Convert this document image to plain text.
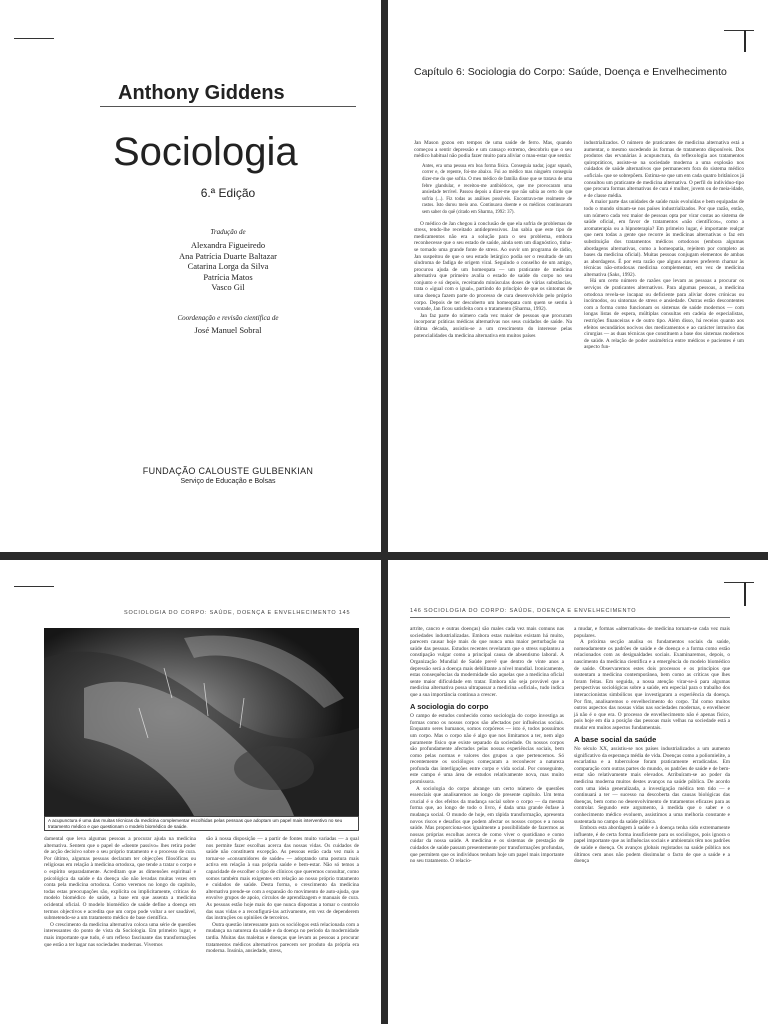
Anthony Giddens
Sociologia
6.ª Edição
Tradução de
Alexandra Figueiredo
Ana Patrícia Duarte Baltazar
Catarina Lorga da Silva
Patrícia Matos
Vasco Gil
Coordenação e revisão científica de
José Manuel Sobral
FUNDAÇÃO CALOUSTE GULBENKIAN
Serviço de Educação e Bolsas
Capítulo 6: Sociologia do Corpo: Saúde, Doença e Envelhecimento

Jan Mason gozou em tempos de uma saúde de ferro. Mas, quando começou a sentir depressão e um cansaço extremo, descobriu que o seu médico habitual não podia fazer muito para aliviar o mau-estar que sentia:

Antes, era uma pessoa em boa forma física. Conseguia nadar, jogar squash, correr e, de repente, foi-me abaixo. Fui ao médico mas ninguém conseguia dizer-me do que sofria. O meu médico de família disse que se tratava de uma febre glandular, e receitou-me antibióticos, que me provocaram uma ansiedade terrível. Passou depois a dizer-me que não sabia ao certo do que sofria (...). Fiz todas as análises possíveis. Encontrava-me realmente de rastos. Isto durou meio ano. Continuava doente e os médicos continuavam sem saber do quê (citado em Sharma, 1992: 37).

O médico de Jan chegou à conclusão de que ela sofria de problemas de stress, tendo-lhe receitado antidepressivos. Jan sabia que este tipo de medicamentos não era a solução para o seu problema, embora reconhecesse que o seu estado de saúde, ainda sem um diagnóstico, tinha-se tornado uma grande fonte de stress. Ao ouvir um programa de rádio, Jan suspeitou de que o seu estado letárgico podia ser o resultado de um síndroma de fadiga de origem viral. Seguindo o conselho de um amigo, procurou ajuda de um homeopata — um praticante de medicina alternativa que primeiro avalia o estado de saúde do corpo no seu conjunto e só depois, receitando minúsculas doses de várias substâncias, trata o «igual com o igual», partindo do princípio de que os sintomas de uma doença fazem parte do processo de cura desenvolvido pelo próprio corpo. Depois de ter descoberto um homeopata com quem se sentiu à vontade, Jan ficou satisfeita com o tratamento (Sharma, 1992).

Jan faz parte do número cada vez maior de pessoas que procuram incorporar práticas médicas alternativas nos seus cuidados de saúde. Na última década, assistiu-se a um crescimento do interesse pelas potencialidades da medicina alternativa em muitos países

industrializados. O número de praticantes de medicina alternativa está a aumentar, o mesmo sucedendo às formas de tratamento disponíveis. Dos produtos das ervanárias à acupunctura, da reflexologia aos tratamentos quiropráticos, assiste-se na sociedade moderna a uma explosão nos cuidados de saúde alternativos que permanecem fora do sistema médico «oficial» que se sobrepõem. Estima-se que um em cada quatro britânicos já consultou um praticante de medicina alternativa. O perfil do indivíduo-tipo que procura formas alternativas de cura é mulher, jovem ou de meia-idade, e de classe média.

A maior parte das unidades de saúde mais evoluídas e bem equipadas de todo o mundo situam-se nos países industrializados. Por que razão, então, um número cada vez maior de pessoas opta por virar costas ao sistema de saúde oficial, em favor de tratamentos «não científicos», como a aromaterapia ou a hipnoterapia? Em primeiro lugar, é importante realçar que nem todas a gente que recorre às medicinas alternativas o faz em substituição dos tratamentos médicos ortodoxos (embora algumas abordagens alternativas, como a homeopatia, rejeitem por completo as bases da medicina oficial). Muitas pessoas conjugam elementos de ambas as abordagens. É por esta razão que alguns autores preferem chamar às técnicas não-ortodoxas medicina complementar, em vez de medicina alternativa (Saks, 1992).

Há um certo número de razões que levam as pessoas a procurar os serviços de praticantes alternativos. Para algumas pessoas, a medicina ortodoxa revela-se incapaz ou deficiente para aliviar dores crónicas ou incómodos, ou sintomas de stress e ansiedade. Outras estão descontentes com a forma como funcionam os sistemas de saúde modernos — com longas listas de espera, múltiplas consultas em cadeia de especialistas, restrições financeiras e de outro tipo. Além disso, há receios quanto aos efeitos secundários nocivos dos medicamentos e ao carácter intrusivo das cirurgias — as duas técnicas que constituem a base dos sistemas modernos de saúde. A relação de poder assimétrica entre médicos e pacientes é um aspecto fun-

SOCIOLOGIA DO CORPO: SAÚDE, DOENÇA E ENVELHECIMENTO 145
A acupunctura é uma das muitas técnicas da medicina complementar escolhidas pelas pessoas que adoptam um papel mais interventivo no seu tratamento médico e que questionam o modelo biomédico de saúde.

damental que leva algumas pessoas a procurar ajuda na medicina alternativa. Sentem que o papel de «doente passivo» lhes retira poder de acção decisivo sobre o seu próprio tratamento e o processo de cura. Por último, algumas pessoas declaram ter objecções filosóficas ou religiosas em relação à medicina ortodoxa, que tende a tratar o corpo e o espírito separadamente. Acreditam que as dimensões espiritual e psicológica da saúde e da doença são não levadas muitas vezes em conta pela medicina ortodoxa. Como veremos no longo do capítulo, todas estas preocupações são, explícita ou implicitamente, críticas do modelo biomédico de saúde, a base em que assenta a medicina ocidental oficial. O modelo biomédico de saúde define a doença em termos objectivos e acredita que um corpo pode voltar a ser saudável, submetendo-se a um tratamento médico de base científica.

O crescimento da medicina alternativa coloca uma série de questões interessantes do ponto de vista da Sociologia. Em primeiro lugar, e mais importante que tudo, é um reflexo fascinante das transformações que estão a ter lugar nas sociedades modernas. Vivemos

são à nossa disposição — a partir de fontes muito variadas — a qual nos permite fazer escolhas acerca das nossas vidas. Os cuidados de saúde não constituem excepção. As pessoas estão cada vez mais a tornar-se «consumidores de saúde» — adoptando uma postura mais activa em relação à sua própria saúde e bem-estar. Não só temos a capacidade de escolher o tipo de clínicos que queremos consultar, como somos também mais exigentes em relação ao nosso próprio tratamento e cuidados de saúde. Desta forma, o crescimento da medicina alternativa prende-se com a expansão do movimento de auto-ajuda, que envolve grupos de apoio, círculos de aprendizagem e manuais de cura. As pessoas estão hoje mais do que nunca dispostas a tomar o controlo das suas vidas e a reconfigurá-las activamente, em vez de dependerem das instruções ou opiniões de terceiros.

Outra questão interessante para os sociólogos está relacionada com a mudança na natureza da saúde e da doença no período da modernidade tardia. Muitas das maleitas e doenças que levam as pessoas a procurar tratamentos médicos alternativos parecem ser produto da própria era moderna. Insónia, ansiedade, stress,

146 SOCIOLOGIA DO CORPO: SAÚDE, DOENÇA E ENVELHECIMENTO

artrite, cancro e outras doenças) são males cada vez mais comuns nas sociedades industrializadas. Embora estas maleitas existam há muito, parecem causar hoje mais do que nunca uma maior perturbação na saúde das pessoas. Estudos recentes revelaram que o stress suplantou a constipação vulgar como a principal causa de absentismo laboral. A Organização Mundial de Saúde prevê que dentro de vinte anos a depressão será a doença mais debilitante a nível mundial. Ironicamente, estas consequências da modernidade são aquelas que a medicina oficial sente maior dificuldade em tratar. Embora não seja provável que a medicina alternativa possa ultrapassar a medicina «oficial», tudo indica que a sua importância continua a crescer.

A sociologia do corpo

O campo de estudos conhecido como sociologia do corpo investiga as formas como os nossos corpos são afectados por influências sociais. Enquanto seres humanos, somos corpóreos — isto é, todos possuímos um corpo. Mas o corpo não é algo que nos limitamos a ter, nem algo puramente físico que existe separado da sociedade. Os nossos corpos são profundamente afectados pelas nossas experiências sociais, bem como pelas normas e valores dos grupos a que pertencemos. Só recentemente os sociólogos começaram a reconhecer a natureza profunda das interligações entre corpo e vida social. Por conseguinte, este campo é uma área de estudos relativamente nova, mas muito promissora.

A sociologia do corpo abrange um certo número de questões essenciais que analisaremos ao longo do presente capítulo. Um tema crucial é o dos efeitos da mudança social sobre o corpo — da mesma forma que, ao longo de todo o livro, é dada uma grande ênfase à mudança social. O mundo de hoje, em rápida transformação, apresenta novos riscos e desafios que podem afectar os nossos corpos e a nossa saúde. Mas proporciona-nos igualmente a possibilidade de fazermos as nossas próprias escolhas acerca de como viver o quotidiano e como cuidar da nossa saúde. A medicina e os sistemas de prestação de cuidados de saúde passam presentemente por transformações profundas, que permitem que os indivíduos tenham hoje um papel mais importante no seu tratamento. O relacio-

a mudar, e formas «alternativas» de medicina tornam-se cada vez mais populares.

A próxima secção analisa os fundamentos sociais da saúde, nomeadamente os padrões de saúde e de doença e a forma como estão relacionados com as desigualdades sociais. Examinaremos, depois, o nascimento da medicina científica e a emergência do modelo biomédico de saúde. Observaremos estes dois processos e os princípios que sustentam a medicina contemporânea, bem como as críticas que lhes foram feitas. Em seguida, a nossa atenção virar-se-á para algumas perspectivas sociológicas sobre a saúde, em especial para o trabalho dos interaccionistas simbólicos que investigaram a experiência da doença. Por fim, analisaremos o envelhecimento do corpo. Tal como muitos outros aspectos das nossas vidas nas sociedades modernas, o envelhecer já não é o que era. O processo de envelhecimento não é apenas físico, pois hoje em dia a posição das pessoas mais velhas na sociedade está a mudar em muitos aspectos fundamentais.

A base social da saúde

No século XX, assistiu-se nos países industrializados a um aumento significativo da esperança média de vida. Doenças como a poliomielite, a escarlatina e a tuberculose foram praticamente erradicadas. Em comparação com outras partes do mundo, os padrões de saúde e de bem-estar são relativamente mais elevados. Atribuíram-se ao poder da medicina moderna muitos destes avanços na saúde pública. De acordo com uma ideia generalizada, a investigação médica tem tido — e continuará a ter — sucesso na descoberta das causas biológicas das doenças, bem como no desenvolvimento de tratamentos eficazes para as controlar. Segundo este argumento, à medida que o saber e o conhecimento médico evoluem, assistimos a uma melhoria constante e sustentada no campo da saúde pública.

Embora esta abordagem à saúde e à doença tenha sido extremamente influente, é de certa forma insuficiente para os sociólogos, pois ignora o papel importante que as influências sociais e ambientais têm nos padrões de saúde e doença. Os avanços globais registados na saúde pública nos últimos cem anos não podem dissimular o facto de que a saúde e a doença
